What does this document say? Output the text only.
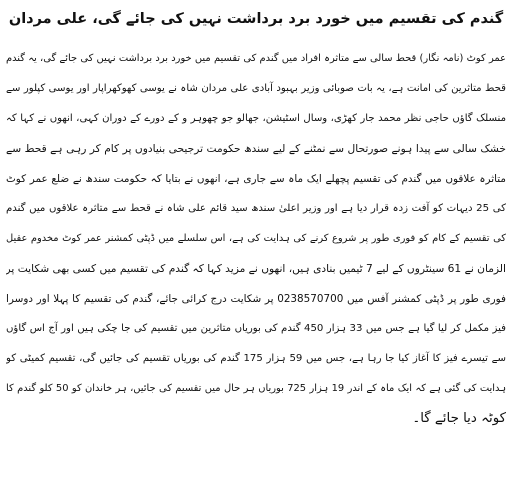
گندم کی تقسیم میں خورد برد برداشت نہیں کی جائے گی، علی مردان
عمر کوٹ (نامہ نگار) قحط سالی سے متاثرہ افراد میں گندم کی تقسیم میں خورد برد برداشت نہیں کی جائے گی، یہ گندم
قحط متاثرین کی امانت ہے، یہ بات صوبائی وزیر بہبود آبادی علی مردان شاہ نے یوسی کھوکھراپار اور یوسی کپلور سے
منسلک گاؤں حاجی نظر محمد جار کھڑی، وسال اسٹیشن، جھالو جو چھوہر و کے دورے کے دوران کہی، انھوں نے کہا کہ
خشک سالی سے پیدا ہونے صورتحال سے نمٹنے کے لیے سندھ حکومت ترجیحی بنیادوں پر کام کر رہی ہے قحط سے
متاثرہ علاقوں میں گندم کی تقسیم پچھلے ایک ماہ سے جاری ہے، انھوں نے بتایا کہ حکومت سندھ نے ضلع عمر کوٹ
کی 25 دیہات کو آفت زدہ قرار دیا ہے اور وزیر اعلیٰ سندھ سید قائم علی شاہ نے قحط سے متاثرہ علاقوں میں گندم
کی تقسیم کے کام کو فوری طور پر شروع کرنے کی ہدایت کی ہے، اس سلسلے میں ڈپٹی کمشنر عمر کوٹ مخدوم عقیل
الزمان نے 61 سینٹروں کے لیے 7 ٹیمیں بنادی ہیں، انھوں نے مزید کہا کہ گندم کی تقسیم میں کسی بھی شکایت پر
فوری طور پر ڈپٹی کمشنر آفس میں 0238570700 پر شکایت درج کرائی جائے، گندم کی تقسیم کا پہلا اور دوسرا
فیز مکمل کر لیا گیا ہے جس میں 33 ہزار 450 گندم کی بوریاں متاثرین میں تقسیم کی جا چکی ہیں اور آج اس گاؤں
سے تیسرے فیز کا آغاز کیا جا رہا ہے، جس میں 59 ہزار 175 گندم کی بوریاں تقسیم کی جائیں گی، تقسیم کمیٹی کو
ہدایت کی گئی ہے کہ ایک ماہ کے اندر 19 ہزار 725 بوریاں ہر حال میں تقسیم کی جائیں، ہر خاندان کو 50 کلو گندم کا
کوٹہ دیا جائے گا۔
